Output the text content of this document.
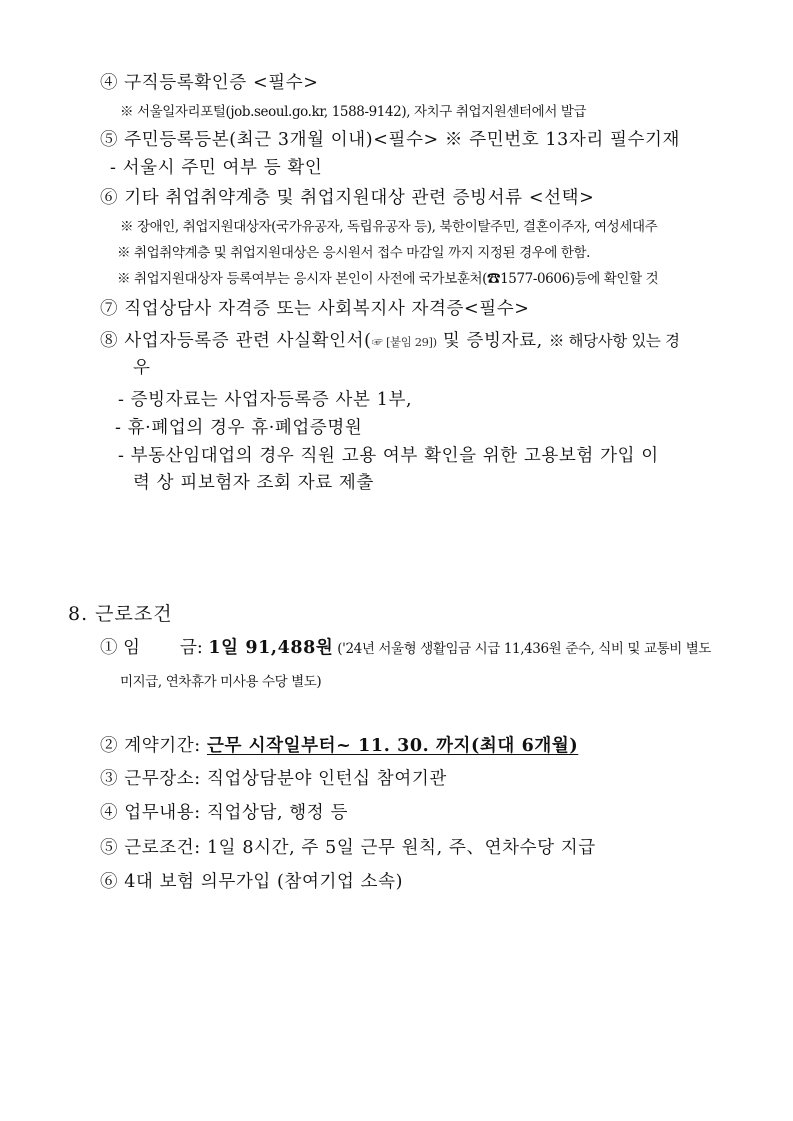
④ 구직등록확인증 <필수>
※ 서울일자리포털(job.seoul.go.kr, 1588-9142), 자치구 취업지원센터에서 발급
⑤ 주민등록등본(최근 3개월 이내)<필수> ※ 주민번호 13자리 필수기재
- 서울시 주민 여부 등 확인
⑥ 기타 취업취약계층 및 취업지원대상 관련 증빙서류 <선택>
※ 장애인, 취업지원대상자(국가유공자, 독립유공자 등), 북한이탈주민, 결혼이주자, 여성세대주
※ 취업취약계층 및 취업지원대상은 응시원서 접수 마감일 까지 지정된 경우에 한함.
※ 취업지원대상자 등록여부는 응시자 본인이 사전에 국가보훈처(☎1577-0606)등에 확인할 것
⑦ 직업상담사 자격증 또는 사회복지사 자격증<필수>
⑧ 사업자등록증 관련 사실확인서(☞ [붙임 29]) 및 증빙자료, ※ 해당사항 있는 경
우
- 증빙자료는 사업자등록증 사본 1부,
- 휴·폐업의 경우 휴·폐업증명원
- 부동산임대업의 경우 직원 고용 여부 확인을 위한 고용보험 가입 이
력 상 피보험자 조회 자료 제출
8. 근로조건
① 임 금: 1일 91,488원 ('24년 서울형 생활임금 시급 11,436원 준수, 식비 및 교통비 별도
미지급, 연차휴가 미사용 수당 별도)
② 계약기간: 근무 시작일부터~ 11. 30. 까지(최대 6개월)
③ 근무장소: 직업상담분야 인턴십 참여기관
④ 업무내용: 직업상담, 행정 등
⑤ 근로조건: 1일 8시간, 주 5일 근무 원칙, 주、연차수당 지급
⑥ 4대 보험 의무가입 (참여기업 소속)
